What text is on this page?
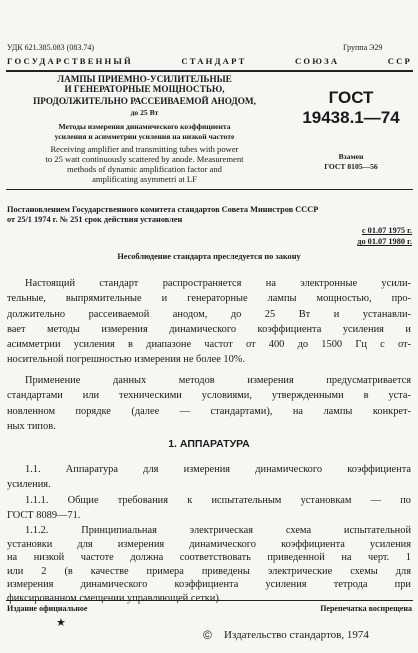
УДК 621.385.083 (083.74)	Группа Э29
ГОСУДАРСТВЕННЫЙ СТАНДАРТ СОЮЗА ССР
ЛАМПЫ ПРИЕМНО-УСИЛИТЕЛЬНЫЕ
И ГЕНЕРАТОРНЫЕ МОЩНОСТЬЮ,
ПРОДОЛЖИТЕЛЬНО РАССЕИВАЕМОЙ АНОДОМ,
до 25 Вт
Методы измерения динамического коэффициента
усиления и асимметрии усиления на низкой частоте
Receiving amplifier and transmitting tubes with power
to 25 watt continuously scattered by anode. Measurement
methods of dynamic amplification factor and
amplificating asymmetri at LF
ГОСТ
19438.1—74
Взамен
ГОСТ 8105—56
Постановлением Государственного комитета стандартов Совета Министров СССР
от 25/1 1974 г. № 251 срок действия установлен
с 01.07 1975 г.
до 01.07 1980 г.
Несоблюдение стандарта преследуется по закону
Настоящий стандарт распространяется на электронные усили-
тельные, выпрямительные и генераторные лампы мощностью, про-
должительно рассеиваемой анодом, до 25 Вт и устанавли-
вает методы измерения динамического коэффициента усиления и
асимметрии усиления в диапазоне частот от 400 до 1500 Гц с от-
носительной погрешностью измерения не более 10%.
Применение данных методов измерения предусматривается
стандартами или техническими условиями, утвержденными в уста-
новленном порядке (далее — стандартами), на лампы конкрет-
ных типов.
1. АППАРАТУРА
1.1. Аппаратура для измерения динамического коэффициента
усиления.
1.1.1. Общие требования к испытательным установкам — по
ГОСТ 8089—71.
1.1.2. Принципиальная электрическая схема испытательной
установки для измерения динамического коэффициента усиления
на низкой частоте должна соответствовать приведенной на черт. 1
или 2 (в качестве примера приведены электрические схемы для
измерения динамического коэффициента усиления тетрода при
фиксированном смещении управляющей сетки).
Издание официальное	Перепечатка воспрещена
★
© Издательство стандартов, 1974
